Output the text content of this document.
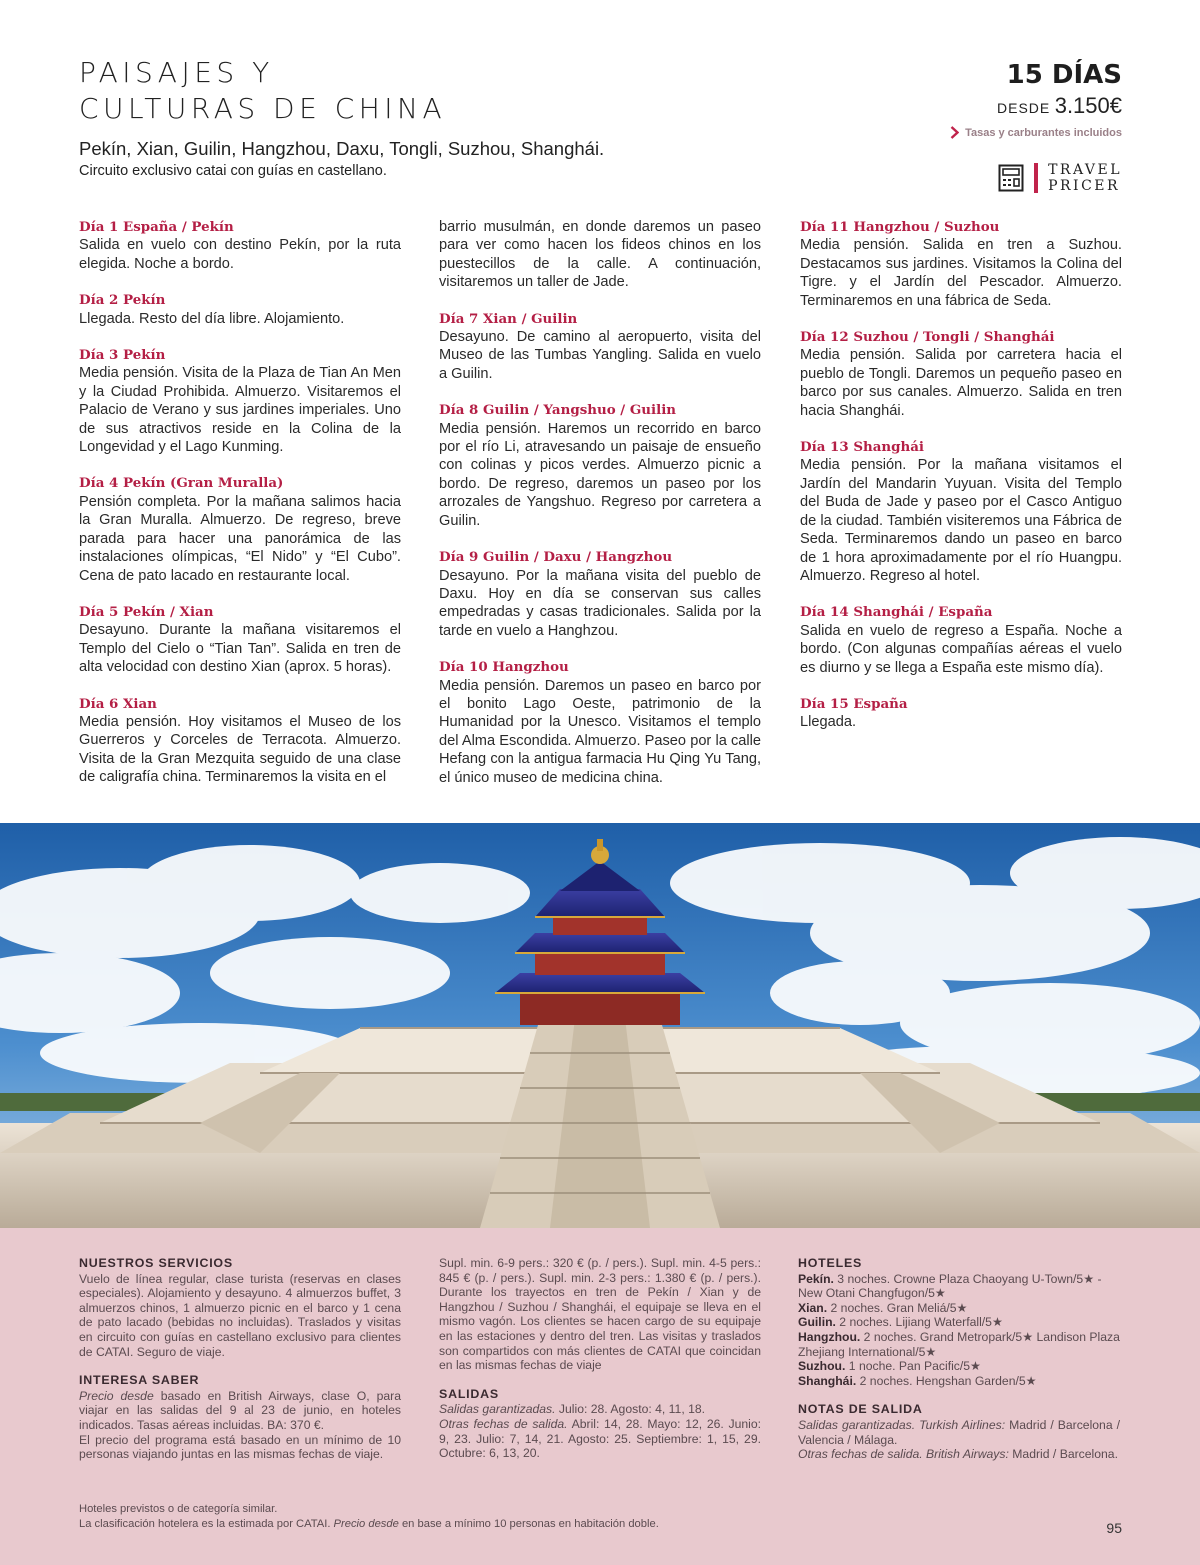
PAISAJES Y
CULTURAS DE CHINA
Pekín, Xian, Guilin, Hangzhou, Daxu, Tongli, Suzhou, Shanghái.
Circuito exclusivo catai con guías en castellano.
15 DÍAS
DESDE 3.150€
Tasas y carburantes incluidos
TRAVEL
PRICER
Día 1 España / Pekín
Salida en vuelo con destino Pekín, por la ruta elegida. Noche a bordo.
Día 2 Pekín
Llegada. Resto del día libre. Alojamiento.
Día 3 Pekín
Media pensión. Visita de la Plaza de Tian An Men y la Ciudad Prohibida. Almuerzo. Visitaremos el Palacio de Verano y sus jardines imperiales. Uno de sus atractivos reside en la Colina de la Longevidad y el Lago Kunming.
Día 4 Pekín (Gran Muralla)
Pensión completa. Por la mañana salimos hacia la Gran Muralla. Almuerzo. De regreso, breve parada para hacer una panorámica de las instalaciones olímpicas, “El Nido” y “El Cubo”. Cena de pato lacado en restaurante local.
Día 5 Pekín / Xian
Desayuno. Durante la mañana visitaremos el Templo del Cielo o “Tian Tan”. Salida en tren de alta velocidad con destino Xian (aprox. 5 horas).
Día 6 Xian
Media pensión. Hoy visitamos el Museo de los Guerreros y Corceles de Terracota. Almuerzo. Visita de la Gran Mezquita seguido de una clase de caligrafía china. Terminaremos la visita en el
barrio musulmán, en donde daremos un paseo para ver como hacen los fideos chinos en los puestecillos de la calle. A continuación, visitaremos un taller de Jade.
Día 7 Xian / Guilin
Desayuno. De camino al aeropuerto, visita del Museo de las Tumbas Yangling. Salida en vuelo a Guilin.
Día 8 Guilin / Yangshuo / Guilin
Media pensión. Haremos un recorrido en barco por el río Li, atravesando un paisaje de ensueño con colinas y picos verdes. Almuerzo picnic a bordo. De regreso, daremos un paseo por los arrozales de Yangshuo. Regreso por carretera a Guilin.
Día 9 Guilin / Daxu / Hangzhou
Desayuno. Por la mañana visita del pueblo de Daxu. Hoy en día se conservan sus calles empedradas y casas tradicionales. Salida por la tarde en vuelo a Hanghzou.
Día 10 Hangzhou
Media pensión. Daremos un paseo en barco por el bonito Lago Oeste, patrimonio de la Humanidad por la Unesco. Visitamos el templo del Alma Escondida. Almuerzo. Paseo por la calle Hefang con la antigua farmacia Hu Qing Yu Tang, el único museo de medicina china.
Día 11 Hangzhou / Suzhou
Media pensión. Salida en tren a Suzhou. Destacamos sus jardines. Visitamos la Colina del Tigre. y el Jardín del Pescador. Almuerzo. Terminaremos en una fábrica de Seda.
Día 12 Suzhou / Tongli / Shanghái
Media pensión. Salida por carretera hacia el pueblo de Tongli. Daremos un pequeño paseo en barco por sus canales. Almuerzo. Salida en tren hacia Shanghái.
Día 13 Shanghái
Media pensión. Por la mañana visitamos el Jardín del Mandarin Yuyuan. Visita del Templo del Buda de Jade y paseo por el Casco Antiguo de la ciudad. También visiteremos una Fábrica de Seda. Terminaremos dando un paseo en barco de 1 hora aproximadamente por el río Huangpu. Almuerzo. Regreso al hotel.
Día 14 Shanghái / España
Salida en vuelo de regreso a España. Noche a bordo. (Con algunas compañías aéreas el vuelo es diurno y se llega a España este mismo día).
Día 15 España
Llegada.
NUESTROS SERVICIOS
Vuelo de línea regular, clase turista (reservas en clases especiales). Alojamiento y desayuno. 4 almuerzos buffet, 3 almuerzos chinos, 1 almuerzo picnic en el barco y 1 cena de pato lacado (bebidas no incluidas). Traslados y visitas en circuito con guías en castellano exclusivo para clientes de CATAI. Seguro de viaje.
INTERESA SABER
Precio desde basado en British Airways, clase O, para viajar en las salidas del 9 al 23 de junio, en hoteles indicados. Tasas aéreas incluidas. BA: 370 €.
El precio del programa está basado en un mínimo de 10 personas viajando juntas en las mismas fechas de viaje.
Supl. min. 6-9 pers.: 320 € (p. / pers.). Supl. min. 4-5 pers.: 845 € (p. / pers.). Supl. min. 2-3 pers.: 1.380 € (p. / pers.). Durante los trayectos en tren de Pekín / Xian y de Hangzhou / Suzhou / Shanghái, el equipaje se lleva en el mismo vagón. Los clientes se hacen cargo de su equipaje en las estaciones y dentro del tren. Las visitas y traslados son compartidos con más clientes de CATAI que coincidan en las mismas fechas de viaje
SALIDAS
Salidas garantizadas. Julio: 28. Agosto: 4, 11, 18.
Otras fechas de salida. Abril: 14, 28. Mayo: 12, 26. Junio: 9, 23. Julio: 7, 14, 21. Agosto: 25. Septiembre: 1, 15, 29. Octubre: 6, 13, 20.
HOTELES
Pekín. 3 noches. Crowne Plaza Chaoyang U-Town/5★ - New Otani Changfugon/5★
Xian. 2 noches. Gran Meliá/5★
Guilin. 2 noches. Lijiang Waterfall/5★
Hangzhou. 2 noches. Grand Metropark/5★ Landison Plaza Zhejiang International/5★
Suzhou. 1 noche. Pan Pacific/5★
Shanghái. 2 noches. Hengshan Garden/5★
NOTAS DE SALIDA
Salidas garantizadas. Turkish Airlines: Madrid / Barcelona / Valencia / Málaga.
Otras fechas de salida. British Airways: Madrid / Barcelona.
Hoteles previstos o de categoría similar.
La clasificación hotelera es la estimada por CATAI. Precio desde en base a mínimo 10 personas en habitación doble.	95
